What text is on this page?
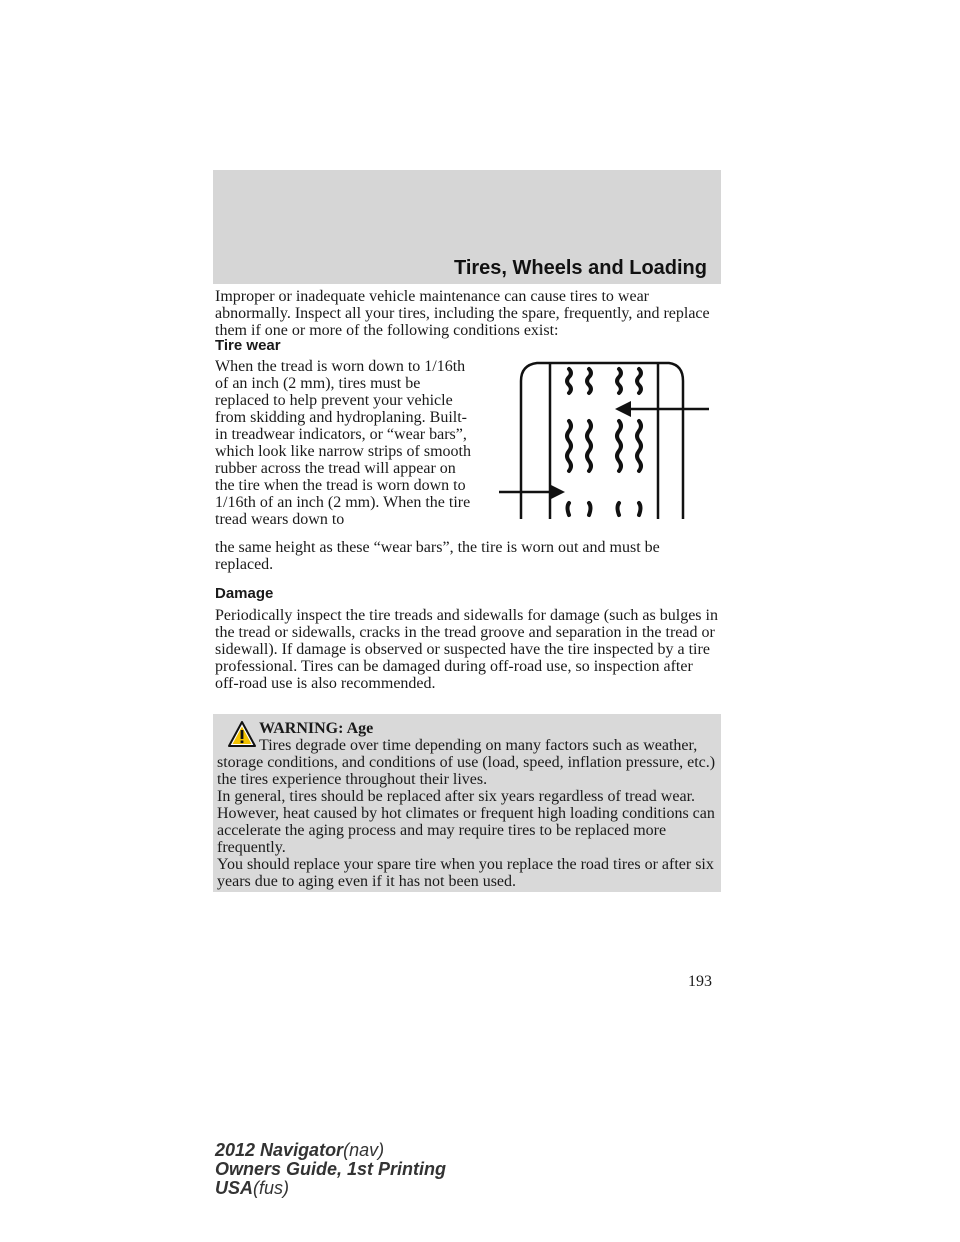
Tires, Wheels and Loading
Improper or inadequate vehicle maintenance can cause tires to wear abnormally. Inspect all your tires, including the spare, frequently, and replace them if one or more of the following conditions exist:
Tire wear
When the tread is worn down to 1/16th of an inch (2 mm), tires must be replaced to help prevent your vehicle from skidding and hydroplaning. Built-in treadwear indicators, or “wear bars”, which look like narrow strips of smooth rubber across the tread will appear on the tire when the tread is worn down to 1/16th of an inch (2 mm). When the tire tread wears down to
the same height as these “wear bars”, the tire is worn out and must be replaced.
Damage
Periodically inspect the tire treads and sidewalls for damage (such as bulges in the tread or sidewalls, cracks in the tread groove and separation in the tread or sidewall). If damage is observed or suspected have the tire inspected by a tire professional. Tires can be damaged during off-road use, so inspection after off-road use is also recommended.
WARNING: Age

Tires degrade over time depending on many factors such as weather, storage conditions, and conditions of use (load, speed, inflation pressure, etc.) the tires experience throughout their lives.

In general, tires should be replaced after six years regardless of tread wear. However, heat caused by hot climates or frequent high loading conditions can accelerate the aging process and may require tires to be replaced more frequently.

You should replace your spare tire when you replace the road tires or after six years due to aging even if it has not been used.

193
2012 Navigator(nav)
Owners Guide, 1st Printing
USA(fus)
